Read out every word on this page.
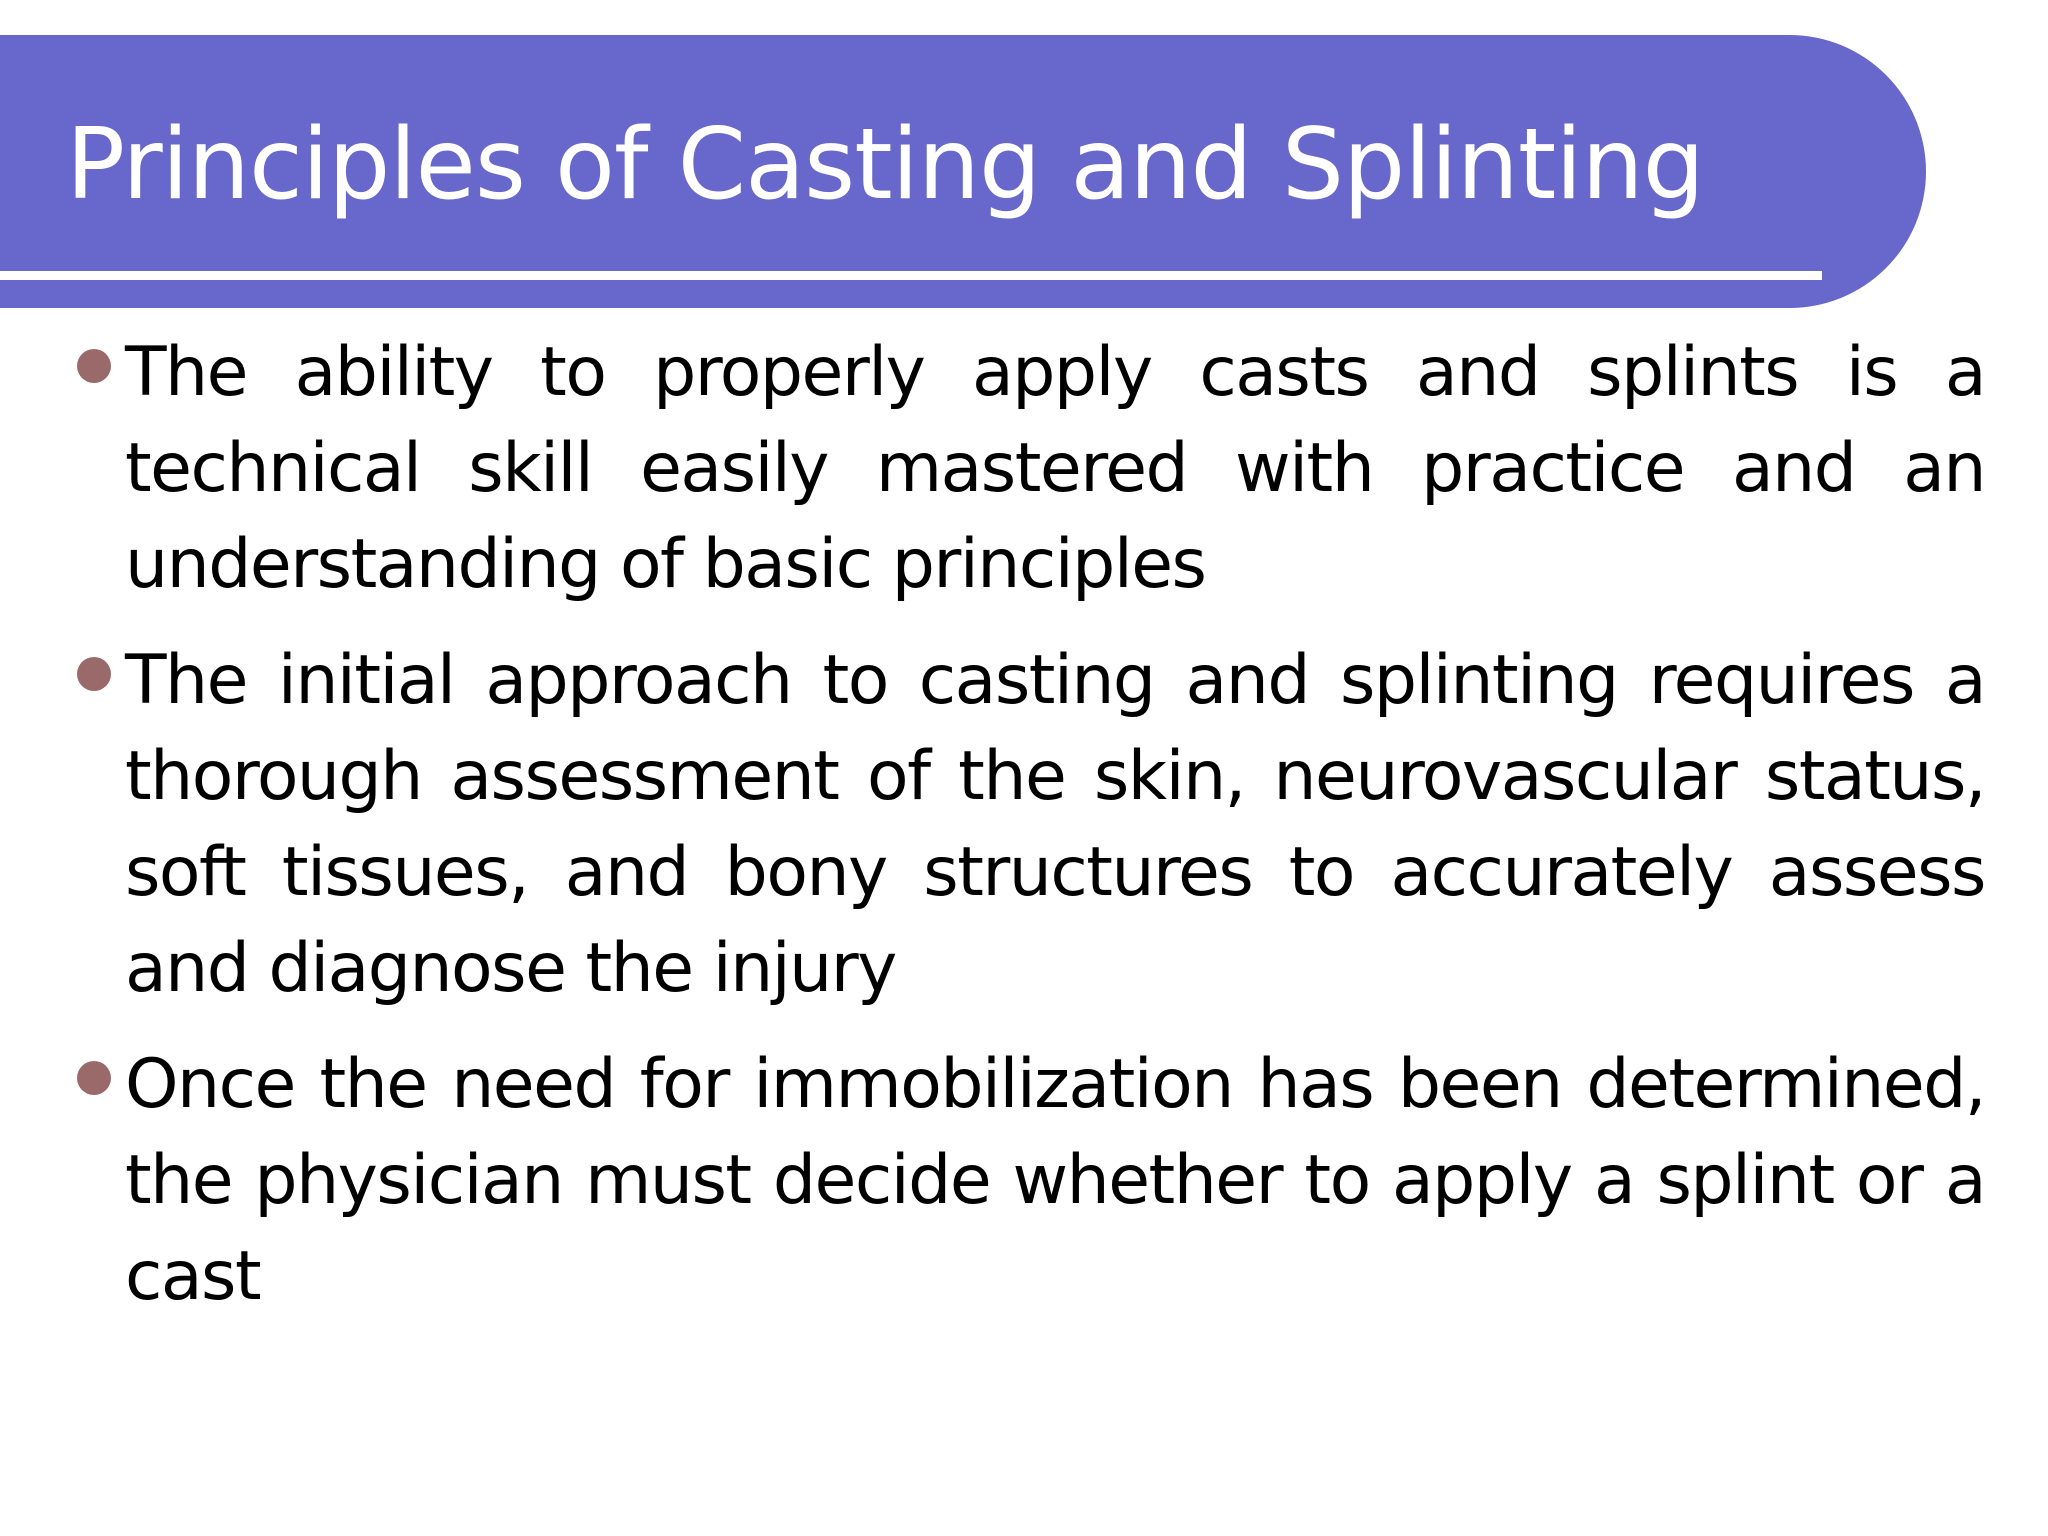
Principles of Casting and Splinting
The ability to properly apply casts and splints is a technical skill easily mastered with practice and an understanding of basic principles
The initial approach to casting and splinting requires a thorough assessment of the skin, neurovascular status, soft tissues, and bony structures to accurately assess and diagnose the injury
Once the need for immobilization has been determined, the physician must decide whether to apply a splint or a cast
